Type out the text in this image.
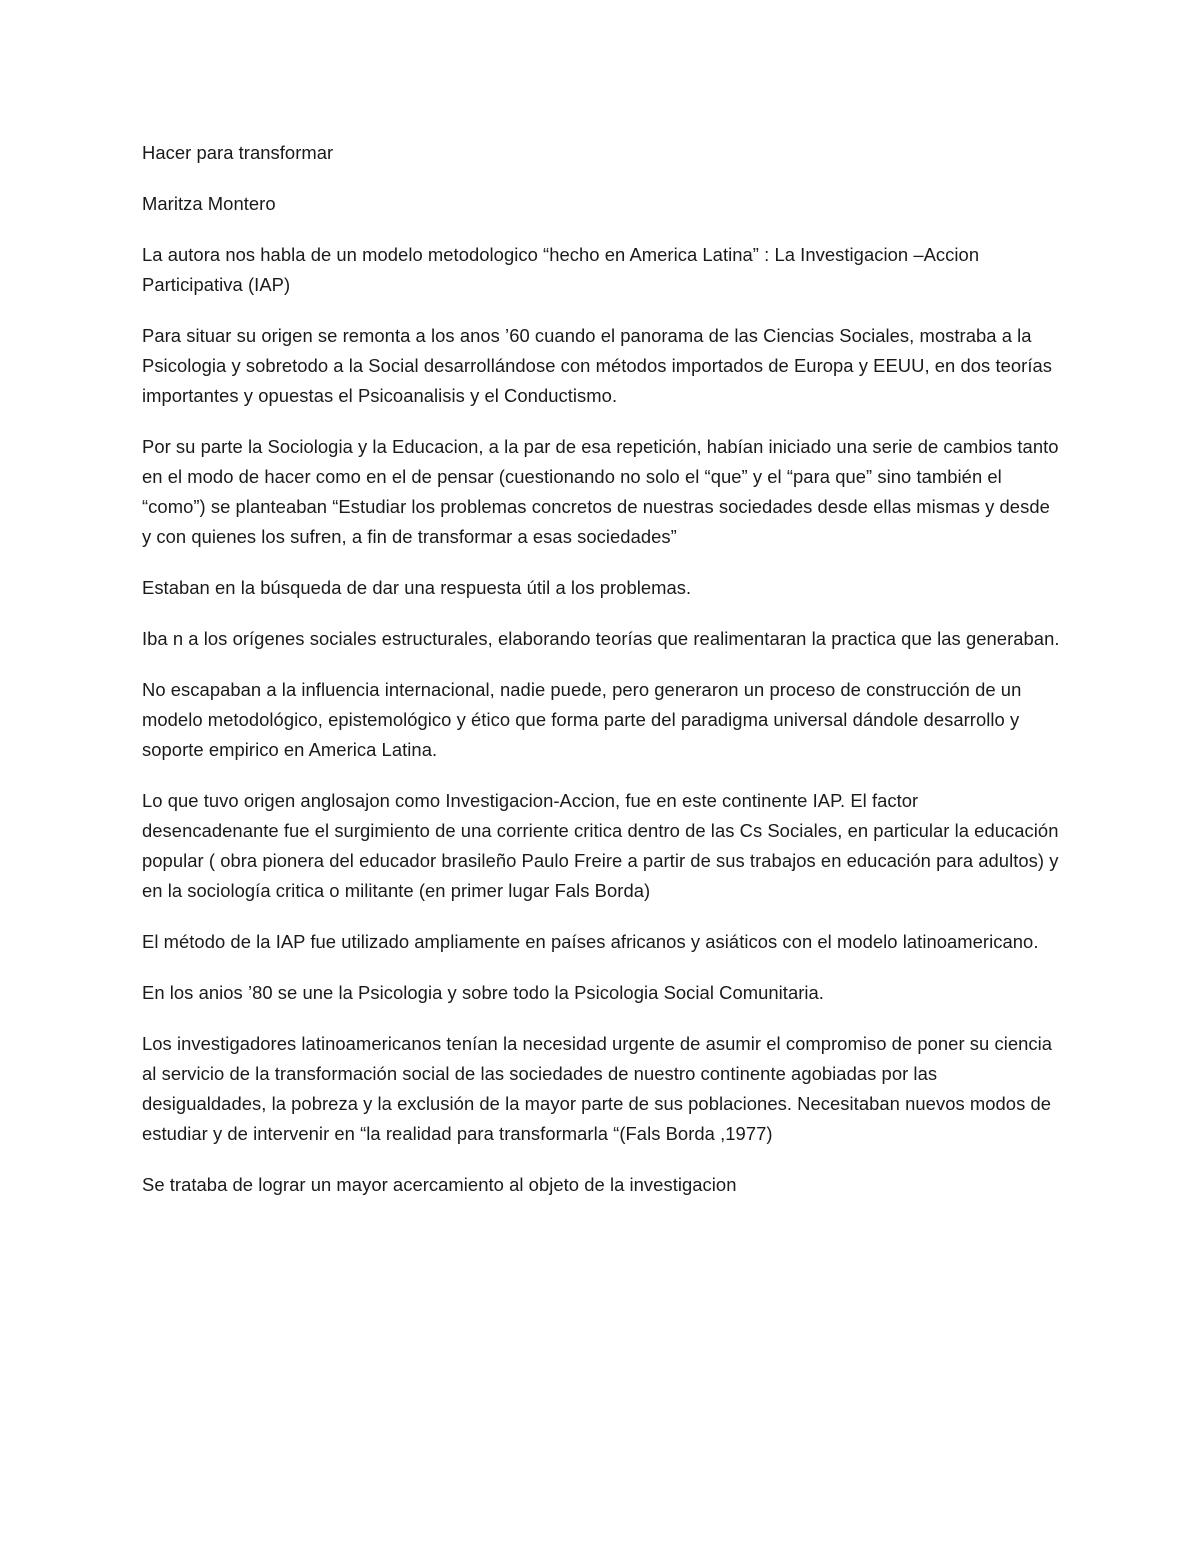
Hacer para transformar

Maritza Montero

La autora nos habla de un modelo metodologico “hecho en America Latina” : La Investigacion –Accion Participativa (IAP)

Para situar su origen se remonta a los anos ’60 cuando el panorama de las Ciencias Sociales, mostraba a la Psicologia y sobretodo a la Social desarrollándose con métodos importados de Europa y EEUU, en dos teorías importantes y opuestas el Psicoanalisis y el Conductismo.

Por su parte la Sociologia y la Educacion, a la par de esa repetición, habían iniciado una serie de cambios tanto en el modo de hacer como en el de pensar (cuestionando no solo el “que” y el “para que” sino también el “como”) se planteaban “Estudiar los problemas concretos de nuestras sociedades desde ellas mismas y desde y con quienes los sufren, a fin de transformar a esas sociedades”

Estaban en la búsqueda de dar una respuesta útil a los problemas.

Iba n a los orígenes sociales estructurales, elaborando teorías que realimentaran la practica que las generaban.

No escapaban a la influencia internacional, nadie puede, pero generaron un proceso de construcción de un modelo metodológico, epistemológico y ético que forma parte del paradigma universal dándole desarrollo y soporte empirico en America Latina.

Lo que tuvo origen anglosajon como Investigacion-Accion, fue en este continente IAP. El factor desencadenante fue el surgimiento de una corriente critica dentro de las Cs Sociales, en particular la educación popular ( obra pionera del educador brasileño Paulo Freire a partir de sus trabajos en educación para adultos) y en la sociología critica o militante (en primer lugar Fals Borda)

El método de la IAP fue utilizado ampliamente en países africanos y asiáticos con el modelo latinoamericano.

En los anios ’80 se une la Psicologia y sobre todo la Psicologia Social Comunitaria.

Los investigadores latinoamericanos tenían la necesidad urgente de asumir el compromiso de poner su ciencia al servicio de la transformación social de las sociedades de nuestro continente agobiadas por las desigualdades, la pobreza y la exclusión de la mayor parte de sus poblaciones. Necesitaban nuevos modos de estudiar y de intervenir en “la realidad para transformarla “(Fals Borda ,1977)

Se trataba de lograr un mayor acercamiento al objeto de la investigacion
